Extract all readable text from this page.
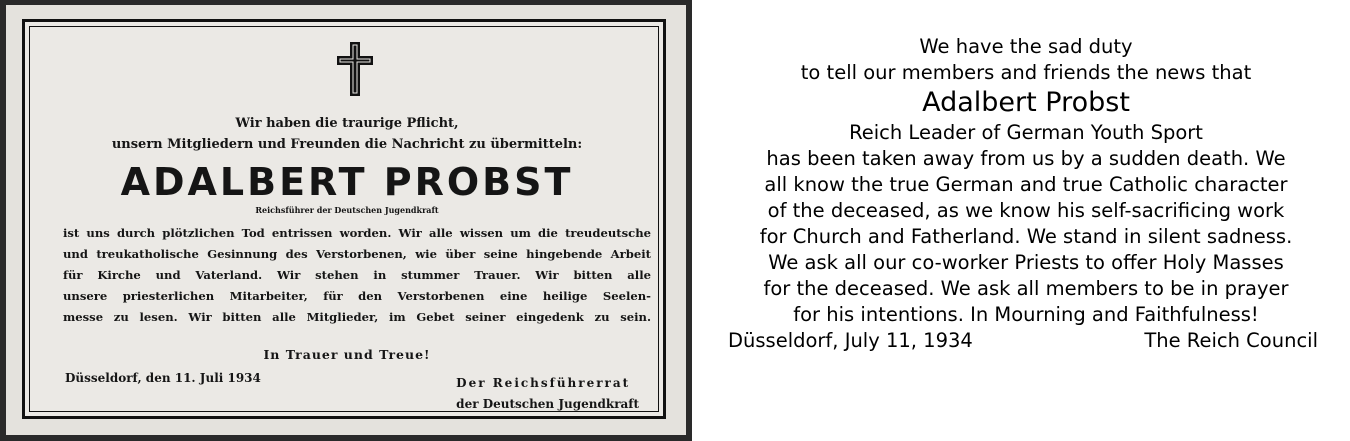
Wir haben die traurige Pflicht,
unsern Mitgliedern und Freunden die Nachricht zu übermitteln:
ADALBERT PROBST
Reichsführer der Deutschen Jugendkraft
ist uns durch plötzlichen Tod entrissen worden. Wir alle wissen um die treudeutsche
und treukatholische Gesinnung des Verstorbenen, wie über seine hingebende Arbeit
für Kirche und Vaterland. Wir stehen in stummer Trauer. Wir bitten alle
unsere priesterlichen Mitarbeiter, für den Verstorbenen eine heilige Seelen-
messe zu lesen. Wir bitten alle Mitglieder, im Gebet seiner eingedenk zu sein.
In Trauer und Treue!
Düsseldorf, den 11. Juli 1934	Der Reichsführerrat
der Deutschen Jugendkraft
We have the sad duty
to tell our members and friends the news that
Adalbert Probst
Reich Leader of German Youth Sport
has been taken away from us by a sudden death. We
all know the true German and true Catholic character
of the deceased, as we know his self-sacrificing work
for Church and Fatherland. We stand in silent sadness.
We ask all our co-worker Priests to offer Holy Masses
for the deceased. We ask all members to be in prayer
for his intentions. In Mourning and Faithfulness!
Düsseldorf, July 11, 1934	The Reich Council
